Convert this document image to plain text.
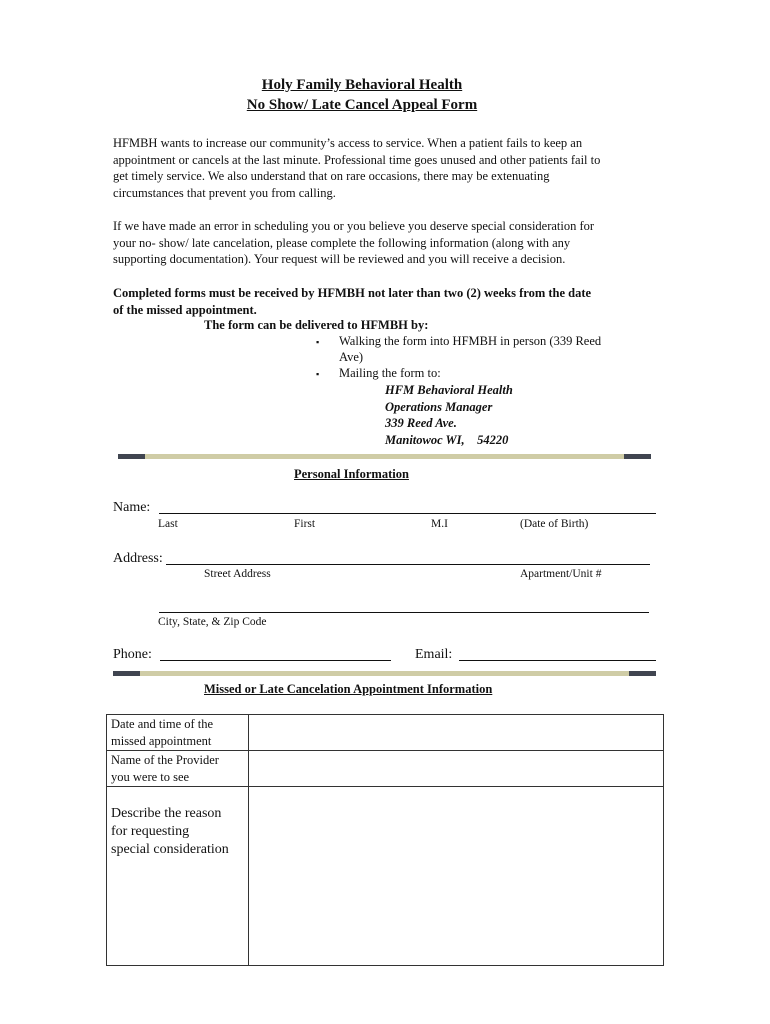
Holy Family Behavioral Health
No Show/ Late Cancel Appeal Form
HFMBH wants to increase our community’s access to service. When a patient fails to keep an
appointment or cancels at the last minute. Professional time goes unused and other patients fail to
get timely service. We also understand that on rare occasions, there may be extenuating
circumstances that prevent you from calling.
If we have made an error in scheduling you or you believe you deserve special consideration for
your no- show/ late cancelation, please complete the following information (along with any
supporting documentation). Your request will be reviewed and you will receive a decision.
Completed forms must be received by HFMBH not later than two (2) weeks from the date
of the missed appointment.
The form can be delivered to HFMBH by:
▪ Walking the form into HFMBH in person (339 Reed
Ave)
▪ Mailing the form to:
HFM Behavioral Health
Operations Manager
339 Reed Ave.
Manitowoc WI,    54220
Personal Information
Name:
Last	First	M.I	(Date of Birth)
Address:
Street Address	Apartment/Unit #
City, State, & Zip Code
Phone:	Email:
Missed or Late Cancelation Appointment Information
Date and time of the
missed appointment	

Name of the Provider
you were to see	

Describe the reason
for requesting
special consideration	
